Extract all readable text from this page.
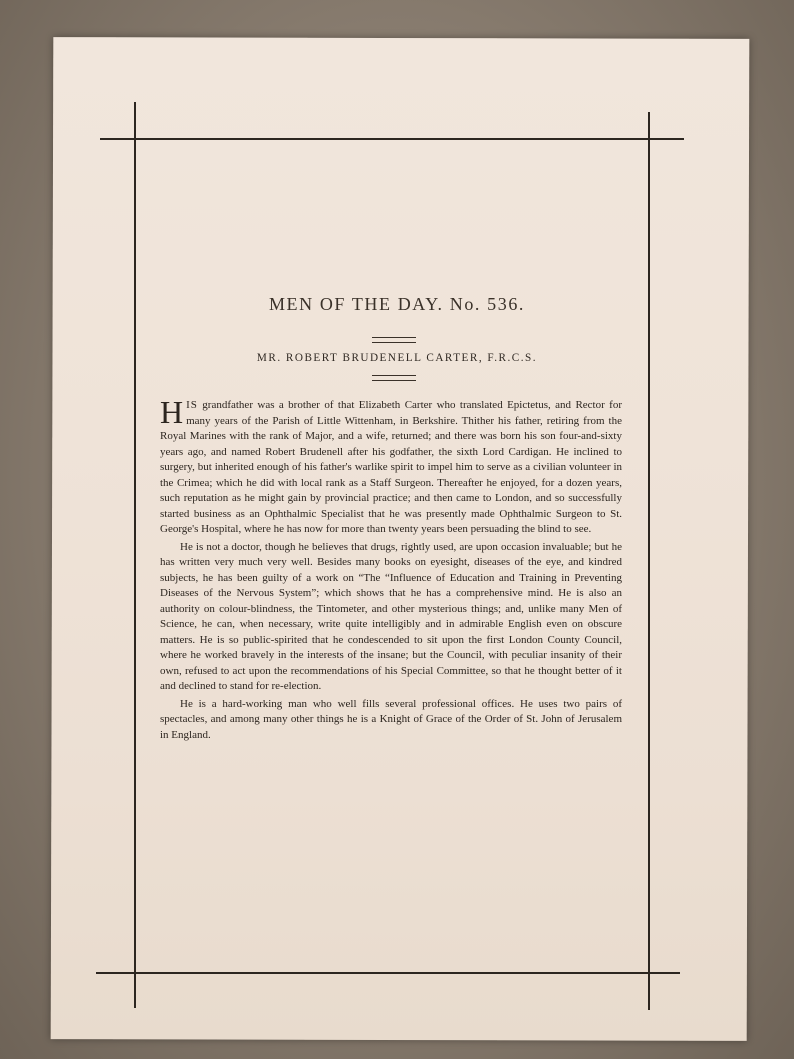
MEN OF THE DAY. No. 536.
MR. ROBERT BRUDENELL CARTER, F.R.C.S.

HIS grandfather was a brother of that Elizabeth Carter who translated Epictetus, and Rector for many years of the Parish of Little Wittenham, in Berkshire. Thither his father, retiring from the Royal Marines with the rank of Major, and a wife, returned; and there was born his son four-and-sixty years ago, and named Robert Brudenell after his godfather, the sixth Lord Cardigan. He inclined to surgery, but inherited enough of his father's warlike spirit to impel him to serve as a civilian volunteer in the Crimea; which he did with local rank as a Staff Surgeon. Thereafter he enjoyed, for a dozen years, such reputation as he might gain by provincial practice; and then came to London, and so successfully started business as an Ophthalmic Specialist that he was presently made Ophthalmic Surgeon to St. George's Hospital, where he has now for more than twenty years been persuading the blind to see.

He is not a doctor, though he believes that drugs, rightly used, are upon occasion invaluable; but he has written very much very well. Besides many books on eyesight, diseases of the eye, and kindred subjects, he has been guilty of a work on “The “Influence of Education and Training in Preventing Diseases of the Nervous System”; which shows that he has a comprehensive mind. He is also an authority on colour-blindness, the Tintometer, and other mysterious things; and, unlike many Men of Science, he can, when necessary, write quite intelligibly and in admirable English even on obscure matters. He is so public-spirited that he condescended to sit upon the first London County Council, where he worked bravely in the interests of the insane; but the Council, with peculiar insanity of their own, refused to act upon the recommendations of his Special Committee, so that he thought better of it and declined to stand for re-election.

He is a hard-working man who well fills several professional offices. He uses two pairs of spectacles, and among many other things he is a Knight of Grace of the Order of St. John of Jerusalem in England.
